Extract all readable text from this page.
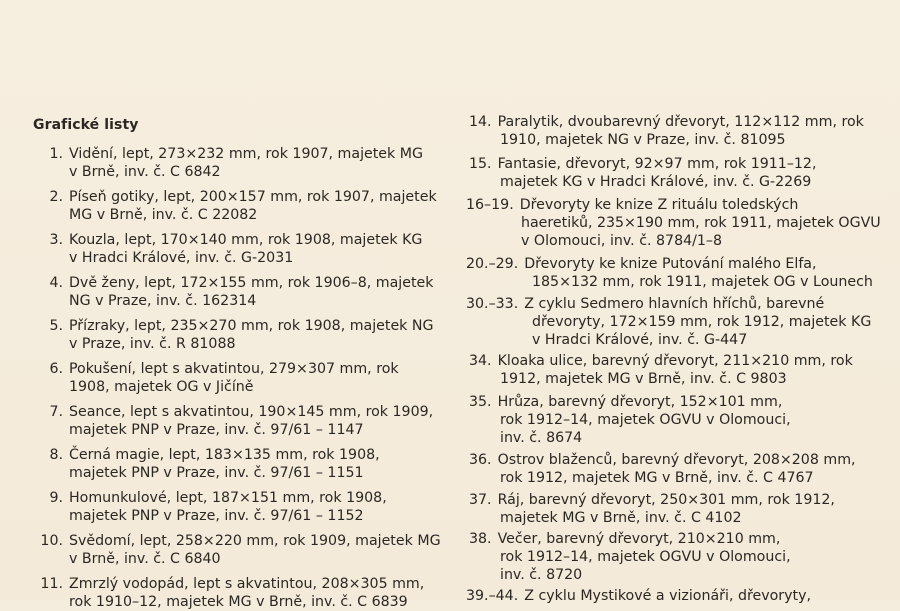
Grafické listy
1. Vidění, lept, 273×232 mm, rok 1907, majetek MG
v Brně, inv. č. C 6842
2. Píseň gotiky, lept, 200×157 mm, rok 1907, majetek
MG v Brně, inv. č. C 22082
3. Kouzla, lept, 170×140 mm, rok 1908, majetek KG
v Hradci Králové, inv. č. G-2031
4. Dvě ženy, lept, 172×155 mm, rok 1906–8, majetek
NG v Praze, inv. č. 162314
5. Přízraky, lept, 235×270 mm, rok 1908, majetek NG
v Praze, inv. č. R 81088
6. Pokušení, lept s akvatintou, 279×307 mm, rok
1908, majetek OG v Jičíně
7. Seance, lept s akvatintou, 190×145 mm, rok 1909,
majetek PNP v Praze, inv. č. 97/61 – 1147
8. Černá magie, lept, 183×135 mm, rok 1908,
majetek PNP v Praze, inv. č. 97/61 – 1151
9. Homunkulové, lept, 187×151 mm, rok 1908,
majetek PNP v Praze, inv. č. 97/61 – 1152
10. Svědomí, lept, 258×220 mm, rok 1909, majetek MG
v Brně, inv. č. C 6840
11. Zmrzlý vodopád, lept s akvatintou, 208×305 mm,
rok 1910–12, majetek MG v Brně, inv. č. C 6839
14. Paralytik, dvoubarevný dřevoryt, 112×112 mm, rok
1910, majetek NG v Praze, inv. č. 81095
15. Fantasie, dřevoryt, 92×97 mm, rok 1911–12,
majetek KG v Hradci Králové, inv. č. G-2269
16–19. Dřevoryty ke knize Z rituálu toledských
haeretiků, 235×190 mm, rok 1911, majetek OGVU
v Olomouci, inv. č. 8784/1–8
20.–29. Dřevoryty ke knize Putování malého Elfa,
185×132 mm, rok 1911, majetek OG v Lounech
30.–33. Z cyklu Sedmero hlavních hříchů, barevné
dřevoryty, 172×159 mm, rok 1912, majetek KG
v Hradci Králové, inv. č. G-447
34. Kloaka ulice, barevný dřevoryt, 211×210 mm, rok
1912, majetek MG v Brně, inv. č. C 9803
35. Hrůza, barevný dřevoryt, 152×101 mm,
rok 1912–14, majetek OGVU v Olomouci,
inv. č. 8674
36. Ostrov blaženců, barevný dřevoryt, 208×208 mm,
rok 1912, majetek MG v Brně, inv. č. C 4767
37. Ráj, barevný dřevoryt, 250×301 mm, rok 1912,
majetek MG v Brně, inv. č. C 4102
38. Večer, barevný dřevoryt, 210×210 mm,
rok 1912–14, majetek OGVU v Olomouci,
inv. č. 8720
39.–44. Z cyklu Mystikové a vizionáři, dřevoryty,
